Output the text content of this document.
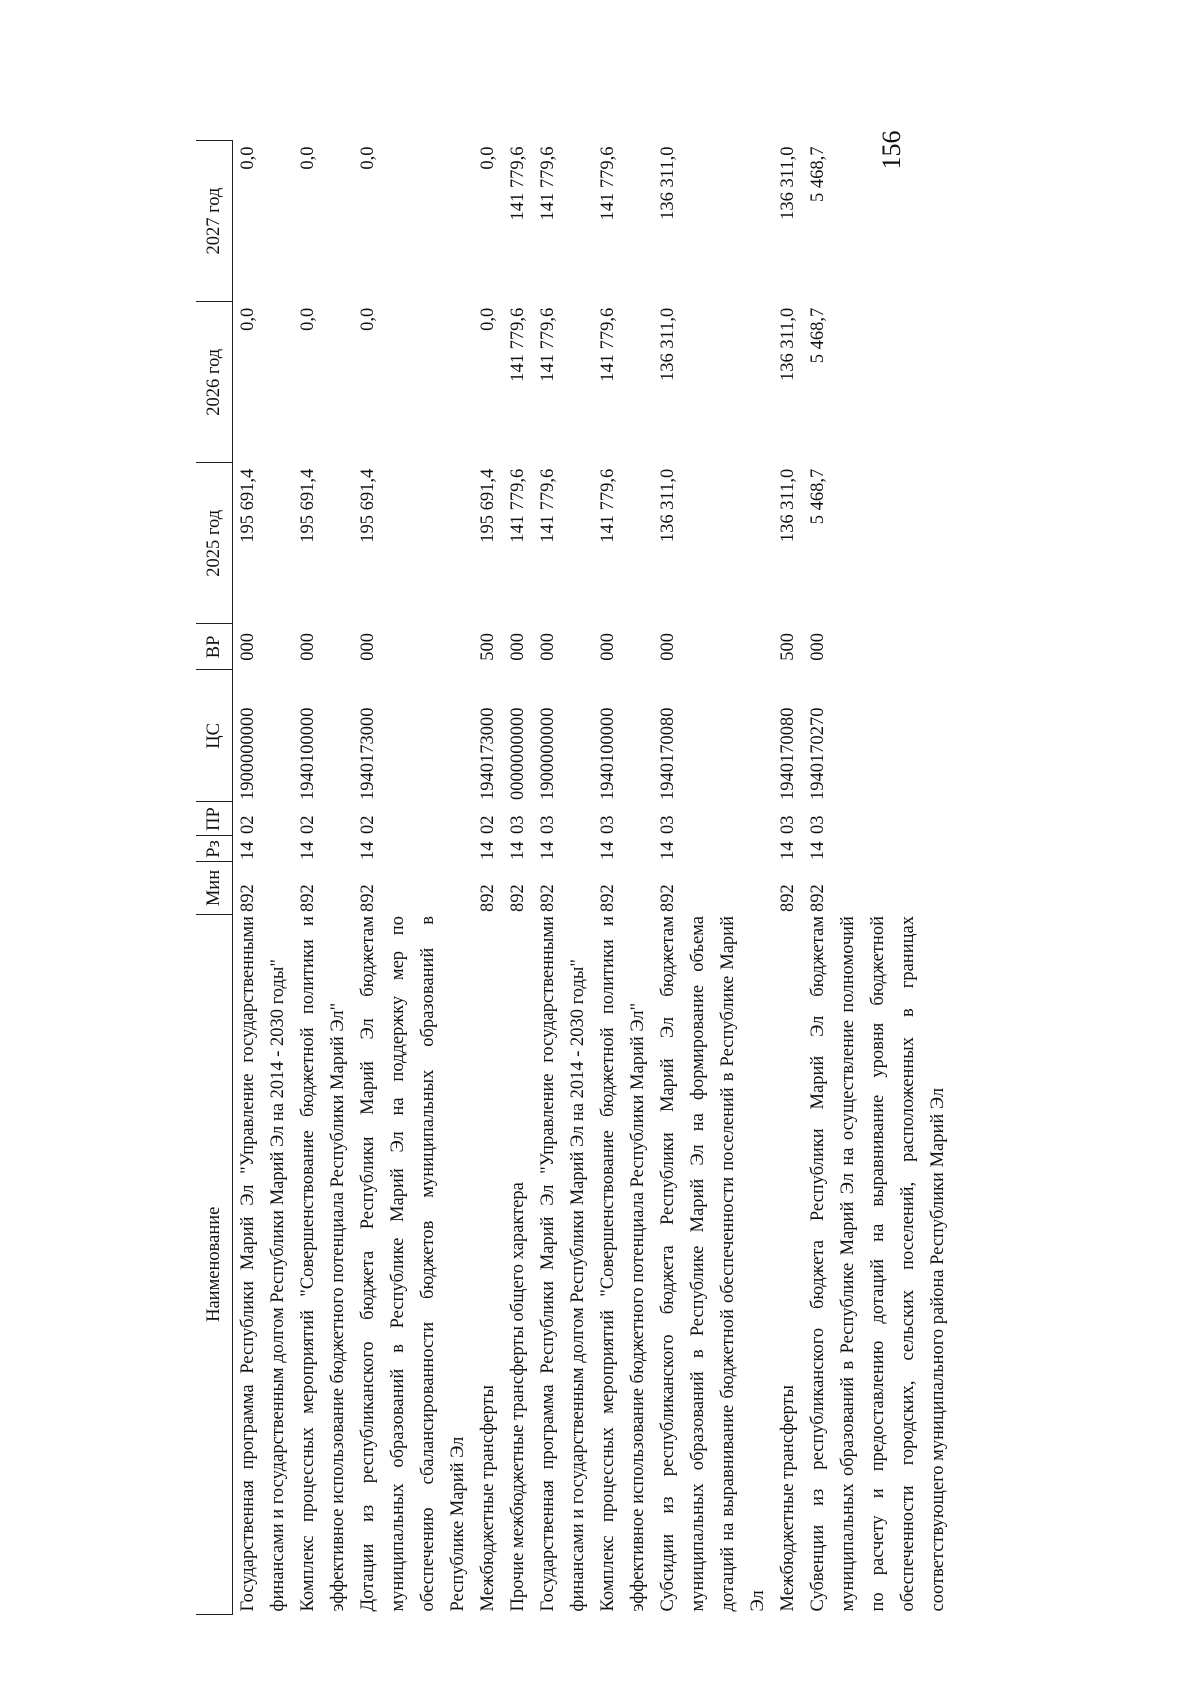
156
Наименование	Мин	Рз	ПР	ЦС	ВР	2025 год	2026 год	2027 год
Государственная программа Республики Марий Эл "Управление государственными финансами и государственным долгом Республики Марий Эл на 2014 - 2030 годы"	892	14	02	1900000000	000	195 691,4	0,0	0,0
Комплекс процессных мероприятий "Совершенствование бюджетной политики и эффективное использование бюджетного потенциала Республики Марий Эл"	892	14	02	1940100000	000	195 691,4	0,0	0,0
Дотации из республиканского бюджета Республики Марий Эл бюджетам муниципальных образований в Республике Марий Эл на поддержку мер по обеспечению сбалансированности бюджетов муниципальных образований в Республике Марий Эл	892	14	02	1940173000	000	195 691,4	0,0	0,0
Межбюджетные трансферты	892	14	02	1940173000	500	195 691,4	0,0	0,0
Прочие межбюджетные трансферты общего характера	892	14	03	0000000000	000	141 779,6	141 779,6	141 779,6
Государственная программа Республики Марий Эл "Управление государственными финансами и государственным долгом Республики Марий Эл на 2014 - 2030 годы"	892	14	03	1900000000	000	141 779,6	141 779,6	141 779,6
Комплекс процессных мероприятий "Совершенствование бюджетной политики и эффективное использование бюджетного потенциала Республики Марий Эл"	892	14	03	1940100000	000	141 779,6	141 779,6	141 779,6
Субсидии из республиканского бюджета Республики Марий Эл бюджетам муниципальных образований в Республике Марий Эл на формирование объема дотаций на выравнивание бюджетной обеспеченности поселений в Республике Марий Эл	892	14	03	1940170080	000	136 311,0	136 311,0	136 311,0
Межбюджетные трансферты	892	14	03	1940170080	500	136 311,0	136 311,0	136 311,0
Субвенции из республиканского бюджета Республики Марий Эл бюджетам муниципальных образований в Республике Марий Эл на осуществление полномочий по расчету и предоставлению дотаций на выравнивание уровня бюджетной обеспеченности городских, сельских поселений, расположенных в границах соответствующего муниципального района Республики Марий Эл	892	14	03	1940170270	000	5 468,7	5 468,7	5 468,7
